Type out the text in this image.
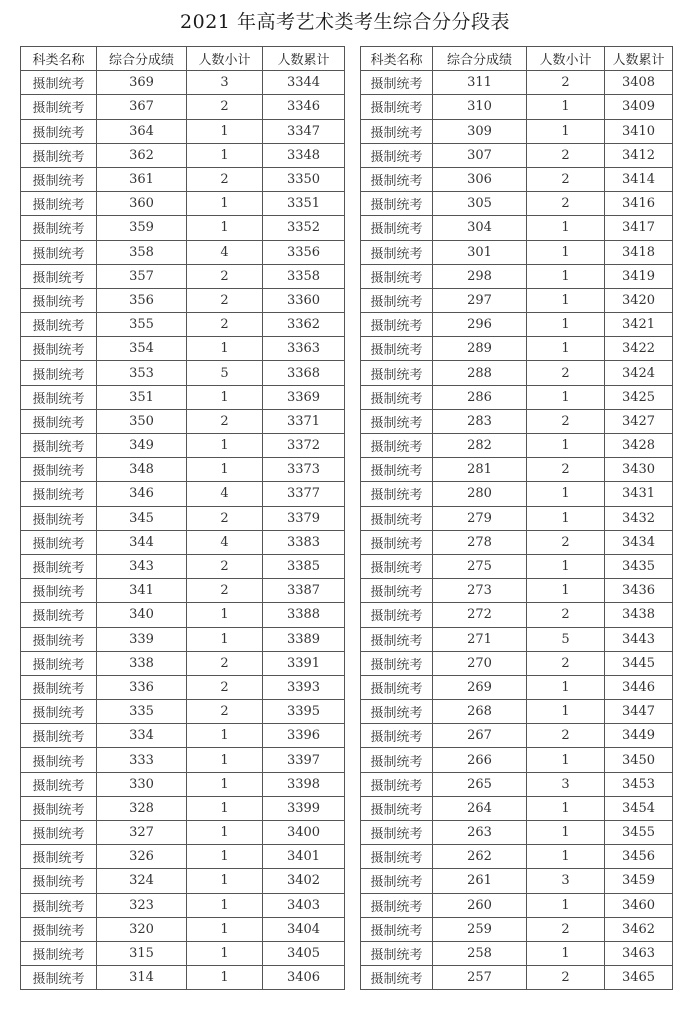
2021 年高考艺术类考生综合分分段表
科类名称	综合分成绩	人数小计	人数累计
摄制统考	369	3	3344
摄制统考	367	2	3346
摄制统考	364	1	3347
摄制统考	362	1	3348
摄制统考	361	2	3350
摄制统考	360	1	3351
摄制统考	359	1	3352
摄制统考	358	4	3356
摄制统考	357	2	3358
摄制统考	356	2	3360
摄制统考	355	2	3362
摄制统考	354	1	3363
摄制统考	353	5	3368
摄制统考	351	1	3369
摄制统考	350	2	3371
摄制统考	349	1	3372
摄制统考	348	1	3373
摄制统考	346	4	3377
摄制统考	345	2	3379
摄制统考	344	4	3383
摄制统考	343	2	3385
摄制统考	341	2	3387
摄制统考	340	1	3388
摄制统考	339	1	3389
摄制统考	338	2	3391
摄制统考	336	2	3393
摄制统考	335	2	3395
摄制统考	334	1	3396
摄制统考	333	1	3397
摄制统考	330	1	3398
摄制统考	328	1	3399
摄制统考	327	1	3400
摄制统考	326	1	3401
摄制统考	324	1	3402
摄制统考	323	1	3403
摄制统考	320	1	3404
摄制统考	315	1	3405
摄制统考	314	1	3406
科类名称	综合分成绩	人数小计	人数累计
摄制统考	311	2	3408
摄制统考	310	1	3409
摄制统考	309	1	3410
摄制统考	307	2	3412
摄制统考	306	2	3414
摄制统考	305	2	3416
摄制统考	304	1	3417
摄制统考	301	1	3418
摄制统考	298	1	3419
摄制统考	297	1	3420
摄制统考	296	1	3421
摄制统考	289	1	3422
摄制统考	288	2	3424
摄制统考	286	1	3425
摄制统考	283	2	3427
摄制统考	282	1	3428
摄制统考	281	2	3430
摄制统考	280	1	3431
摄制统考	279	1	3432
摄制统考	278	2	3434
摄制统考	275	1	3435
摄制统考	273	1	3436
摄制统考	272	2	3438
摄制统考	271	5	3443
摄制统考	270	2	3445
摄制统考	269	1	3446
摄制统考	268	1	3447
摄制统考	267	2	3449
摄制统考	266	1	3450
摄制统考	265	3	3453
摄制统考	264	1	3454
摄制统考	263	1	3455
摄制统考	262	1	3456
摄制统考	261	3	3459
摄制统考	260	1	3460
摄制统考	259	2	3462
摄制统考	258	1	3463
摄制统考	257	2	3465
